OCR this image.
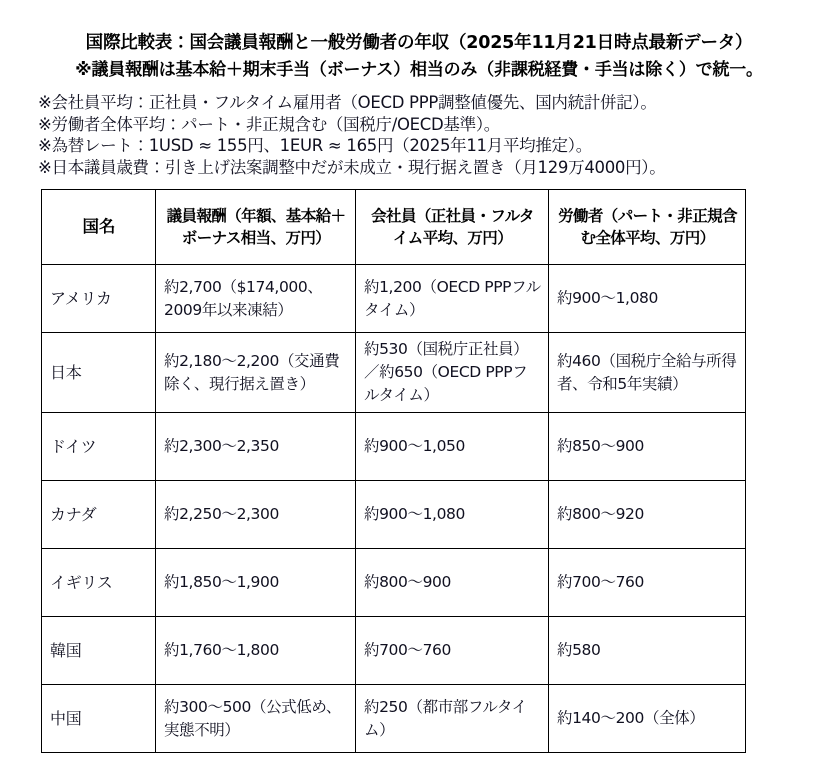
国際比較表：国会議員報酬と一般労働者の年収（2025年11月21日時点最新データ）
※議員報酬は基本給＋期末手当（ボーナス）相当のみ（非課税経費・手当は除く）で統一。
※会社員平均：正社員・フルタイム雇用者（OECD PPP調整値優先、国内統計併記）。
※労働者全体平均：パート・非正規含む（国税庁/OECD基準）。
※為替レート：1USD ≈ 155円、1EUR ≈ 165円（2025年11月平均推定）。
※日本議員歳費：引き上げ法案調整中だが未成立・現行据え置き（月129万4000円）。
国名	議員報酬（年額、基本給＋ボーナス相当、万円）	会社員（正社員・フルタイム平均、万円）	労働者（パート・非正規含む全体平均、万円）
アメリカ	約2,700（$174,000、2009年以来凍結）	約1,200（OECD PPPフルタイム）	約900〜1,080
日本	約2,180〜2,200（交通費除く、現行据え置き）	約530（国税庁正社員）／約650（OECD PPPフルタイム）	約460（国税庁全給与所得者、令和5年実績）
ドイツ	約2,300〜2,350	約900〜1,050	約850〜900
カナダ	約2,250〜2,300	約900〜1,080	約800〜920
イギリス	約1,850〜1,900	約800〜900	約700〜760
韓国	約1,760〜1,800	約700〜760	約580
中国	約300〜500（公式低め、実態不明）	約250（都市部フルタイム）	約140〜200（全体）
